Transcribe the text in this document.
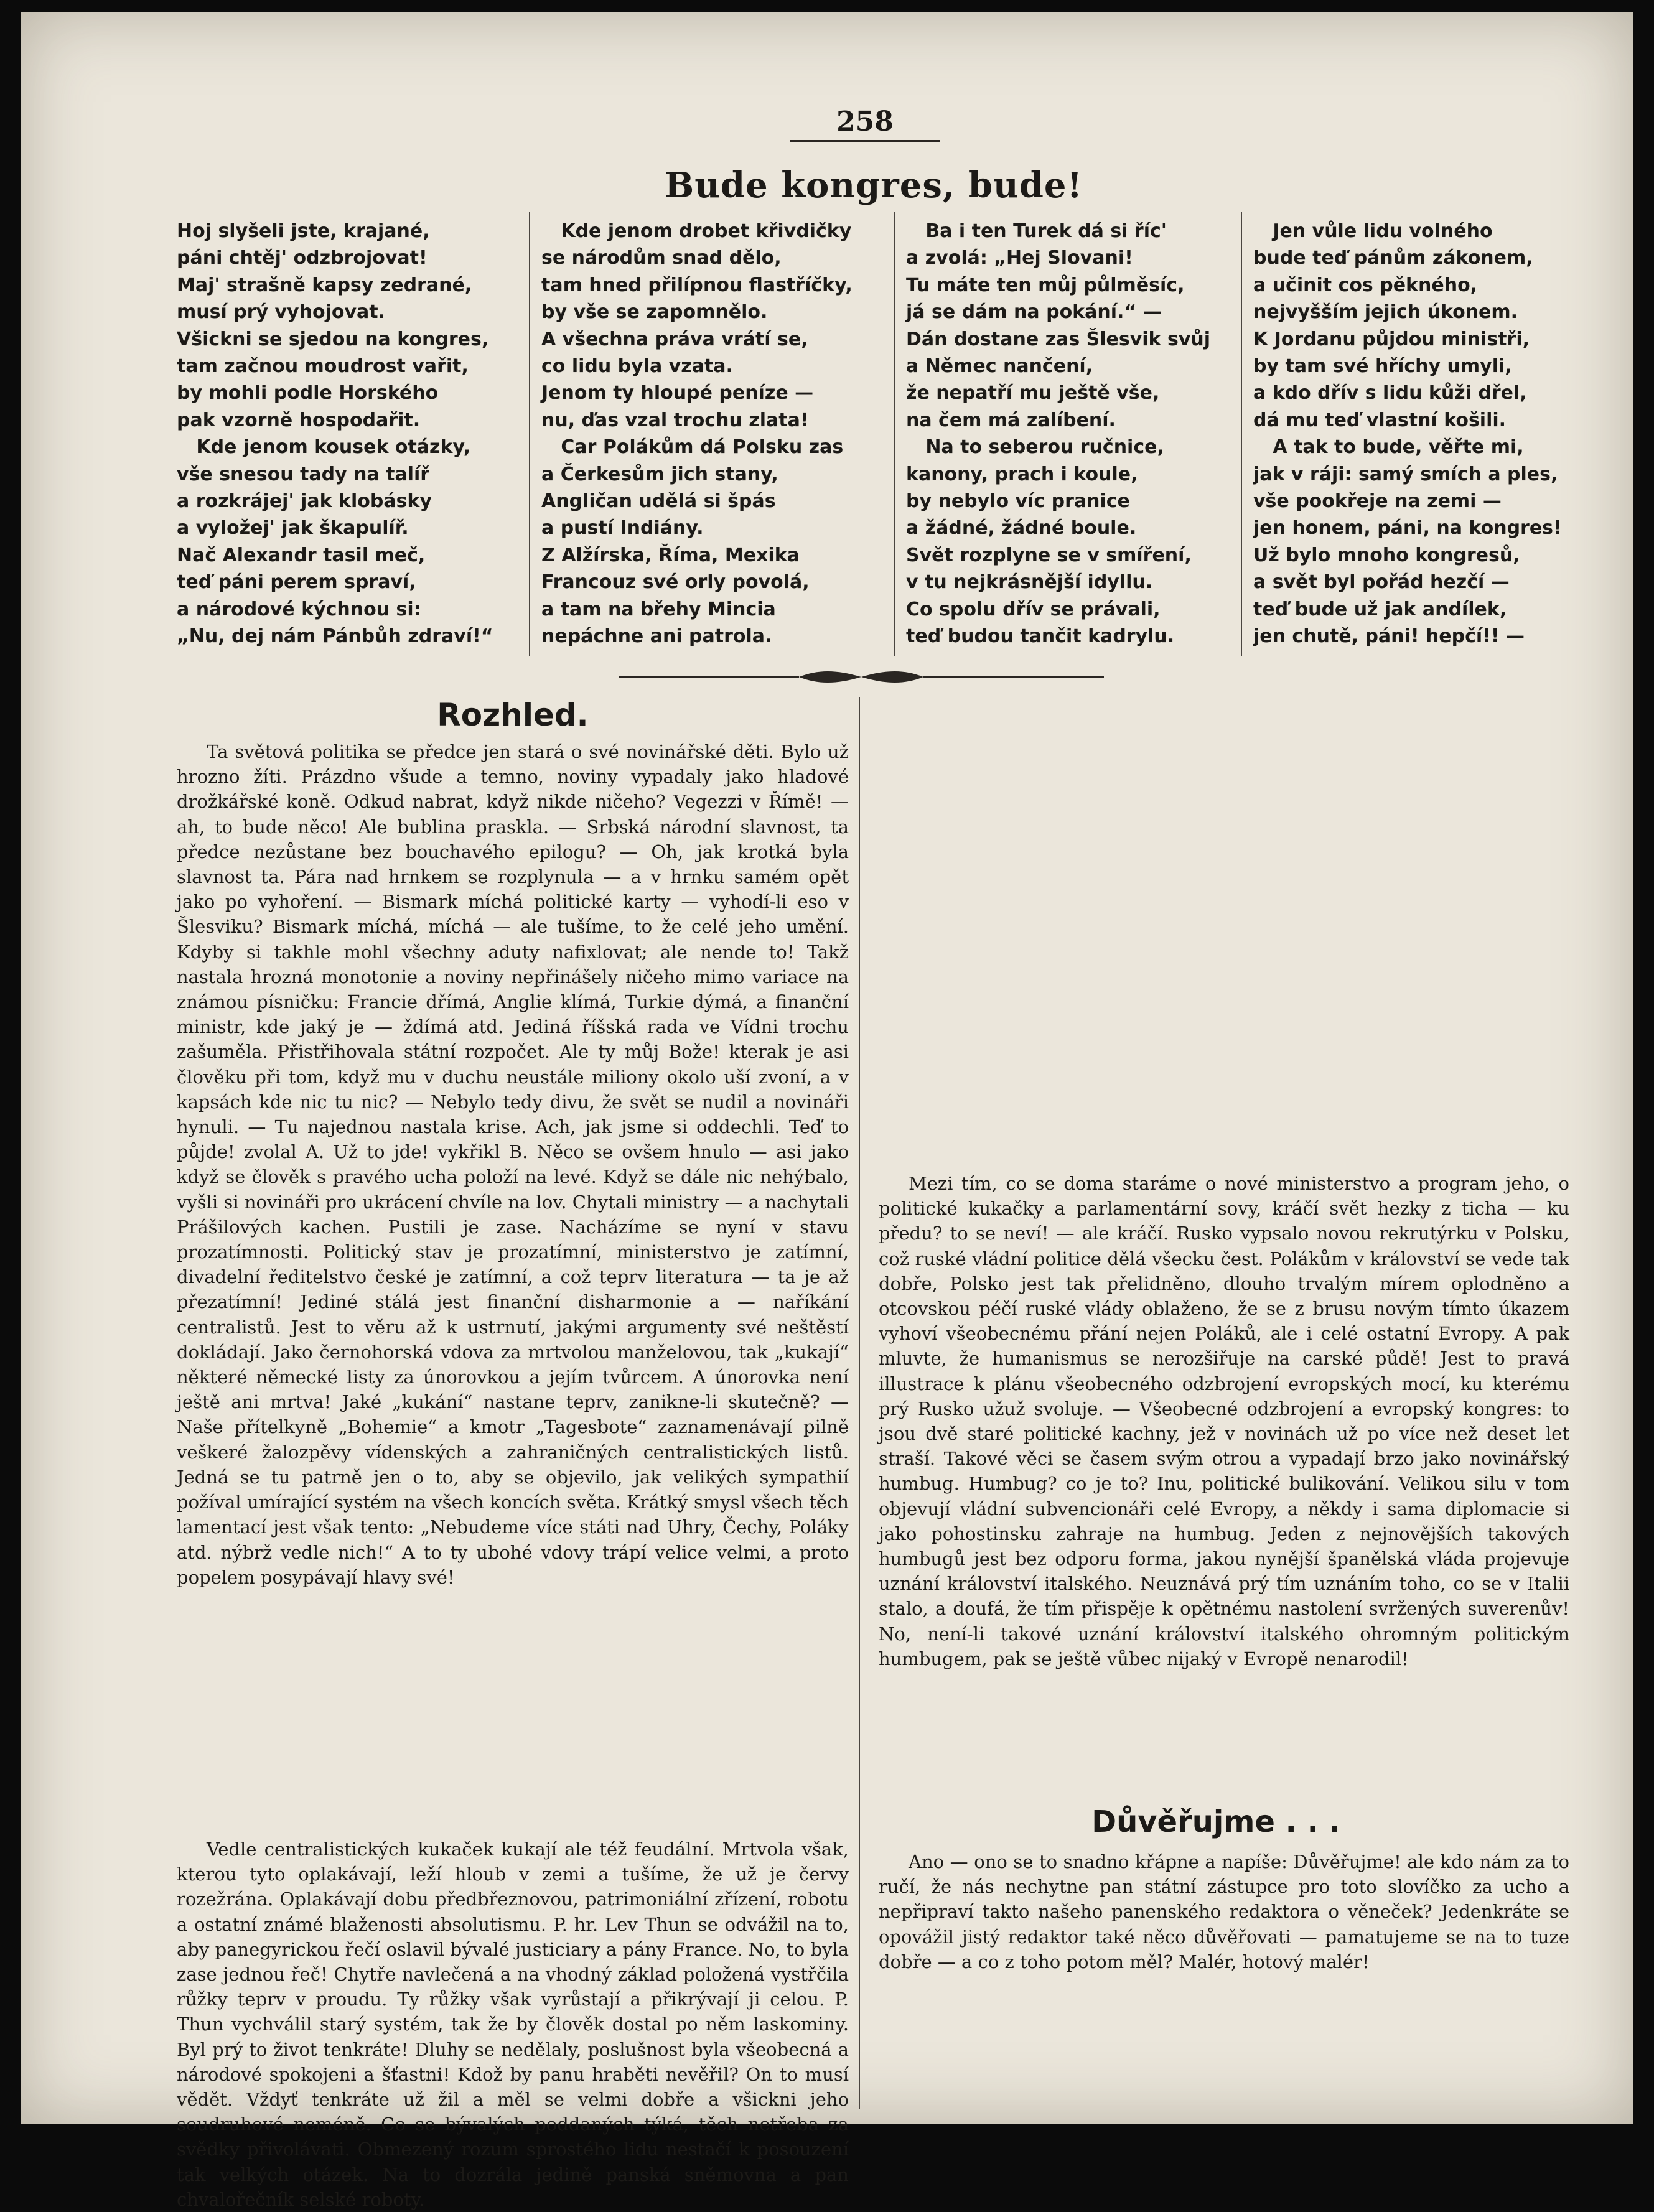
258
Bude kongres, bude!
Hoj slyšeli jste, krajané,
páni chtěj' odzbrojovat!
Maj' strašně kapsy zedrané,
musí prý vyhojovat.
Všickni se sjedou na kongres,
tam začnou moudrost vařit,
by mohli podle Horského
pak vzorně hospodařit.
Kde jenom kousek otázky,
vše snesou tady na talíř
a rozkrájej' jak klobásky
a vyložej' jak škapulíř.
Nač Alexandr tasil meč,
teď páni perem spraví,
a národové kýchnou si:
„Nu, dej nám Pánbůh zdraví!“
Kde jenom drobet křivdičky
se národům snad dělo,
tam hned přilípnou flastříčky,
by vše se zapomnělo.
A všechna práva vrátí se,
co lidu byla vzata.
Jenom ty hloupé peníze —
nu, ďas vzal trochu zlata!
Car Polákům dá Polsku zas
a Čerkesům jich stany,
Angličan udělá si špás
a pustí Indiány.
Z Alžírska, Říma, Mexika
Francouz své orly povolá,
a tam na břehy Mincia
nepáchne ani patrola.
Ba i ten Turek dá si říc'
a zvolá: „Hej Slovani!
Tu máte ten můj půlměsíc,
já se dám na pokání.“ —
Dán dostane zas Šlesvik svůj
a Němec nančení,
že nepatří mu ještě vše,
na čem má zalíbení.
Na to seberou ručnice,
kanony, prach i koule,
by nebylo víc pranice
a žádné, žádné boule.
Svět rozplyne se v smíření,
v tu nejkrásnější idyllu.
Co spolu dřív se právali,
teď budou tančit kadrylu.
Jen vůle lidu volného
bude teď pánům zákonem,
a učinit cos pěkného,
nejvyšším jejich úkonem.
K Jordanu půjdou ministři,
by tam své hříchy umyli,
a kdo dřív s lidu kůži dřel,
dá mu teď vlastní košili.
A tak to bude, věřte mi,
jak v ráji: samý smích a ples,
vše pookřeje na zemi —
jen honem, páni, na kongres!
Už bylo mnoho kongresů,
a svět byl pořád hezčí —
teď bude už jak andílek,
jen chutě, páni! hepčí!! —
Rozhled.

Ta světová politika se předce jen stará o své novinářské děti. Bylo už hrozno žíti. Prázdno všude a temno, noviny vypadaly jako hladové drožkářské koně. Odkud nabrat, když nikde ničeho? Vegezzi v Římě! — ah, to bude něco! Ale bublina praskla. — Srbská národní slavnost, ta předce nezůstane bez bouchavého epilogu? — Oh, jak krotká byla slavnost ta. Pára nad hrnkem se rozplynula — a v hrnku samém opět jako po vyhoření. — Bismark míchá politické karty — vyhodí-li eso v Šlesviku? Bismark míchá, míchá — ale tušíme, to že celé jeho umění. Kdyby si takhle mohl všechny aduty nafixlovat; ale nende to! Takž nastala hrozná monotonie a noviny nepřinášely ničeho mimo variace na známou písničku: Francie dřímá, Anglie klímá, Turkie dýmá, a finanční ministr, kde jaký je — ždímá atd. Jediná říšská rada ve Vídni trochu zašuměla. Přistřihovala státní rozpočet. Ale ty můj Bože! kterak je asi člověku při tom, když mu v duchu neustále miliony okolo uší zvoní, a v kapsách kde nic tu nic? — Nebylo tedy divu, že svět se nudil a novináři hynuli. — Tu najednou nastala krise. Ach, jak jsme si oddechli. Teď to půjde! zvolal A. Už to jde! vykřikl B. Něco se ovšem hnulo — asi jako když se člověk s pravého ucha položí na levé. Když se dále nic nehýbalo, vyšli si novináři pro ukrácení chvíle na lov. Chytali ministry — a nachytali Prášilových kachen. Pustili je zase. Nacházíme se nyní v stavu prozatímnosti. Politický stav je prozatímní, ministerstvo je zatímní, divadelní ředitelstvo české je zatímní, a což teprv literatura — ta je až přezatímní! Jediné stálá jest finanční disharmonie a — naříkání centralistů. Jest to věru až k ustrnutí, jakými argumenty své neštěstí dokládají. Jako černohorská vdova za mrtvolou manželovou, tak „kukají“ některé německé listy za únorovkou a jejím tvůrcem. A únorovka není ještě ani mrtva! Jaké „kukání“ nastane teprv, zanikne-li skutečně? — Naše přítelkyně „Bohemie“ a kmotr „Tagesbote“ zaznamenávají pilně veškeré žalozpěvy vídenských a zahraničných centralistických listů. Jedná se tu patrně jen o to, aby se objevilo, jak velikých sympathií požíval umírající systém na všech koncích světa. Krátký smysl všech těch lamentací jest však tento: „Nebudeme více státi nad Uhry, Čechy, Poláky atd. nýbrž vedle nich!“ A to ty ubohé vdovy trápí velice velmi, a proto popelem posypávají hlavy své!

Vedle centralistických kukaček kukají ale též feudální. Mrtvola však, kterou tyto oplakávají, leží hloub v zemi a tušíme, že už je červy rozežrána. Oplakávají dobu předbřeznovou, patrimoniální zřízení, robotu a ostatní známé blaženosti absolutismu. P. hr. Lev Thun se odvážil na to, aby panegyrickou řečí oslavil bývalé justiciary a pány France. No, to byla zase jednou řeč! Chytře navlečená a na vhodný základ položená vystřčila růžky teprv v proudu. Ty růžky však vyrůstají a přikrývají ji celou. P. Thun vychválil starý systém, tak že by člověk dostal po něm laskominy. Byl prý to život tenkráte! Dluhy se nedělaly, poslušnost byla všeobecná a národové spokojeni a šťastni! Kdož by panu hraběti nevěřil? On to musí vědět. Vždyť tenkráte už žil a měl se velmi dobře a všickni jeho soudruhové neméně. Co se bývalých poddaných týká, těch netřeba za svědky přivolávati. Obmezený rozum sprostého lidu nestačí k posouzení tak velkých otázek. Na to dozrála jedině panská sněmovna a pan chvalořečník selské roboty.

Mezi tím, co se doma staráme o nové ministerstvo a program jeho, o politické kukačky a parlamentární sovy, kráčí svět hezky z ticha — ku předu? to se neví! — ale kráčí. Rusko vypsalo novou rekrutýrku v Polsku, což ruské vládní politice dělá všecku čest. Polákům v království se vede tak dobře, Polsko jest tak přelidněno, dlouho trvalým mírem oplodněno a otcovskou péčí ruské vlády oblaženo, že se z brusu novým tímto úkazem vyhoví všeobecnému přání nejen Poláků, ale i celé ostatní Evropy. A pak mluvte, že humanismus se nerozšiřuje na carské půdě! Jest to pravá illustrace k plánu všeobecného odzbrojení evropských mocí, ku kterému prý Rusko užuž svoluje. — Všeobecné odzbrojení a evropský kongres: to jsou dvě staré politické kachny, jež v novinách už po více než deset let straší. Takové věci se časem svým otrou a vypadají brzo jako novinářský humbug. Humbug? co je to? Inu, politické bulikování. Velikou silu v tom objevují vládní subvencionáři celé Evropy, a někdy i sama diplomacie si jako pohostinsku zahraje na humbug. Jeden z nejnovějších takových humbugů jest bez odporu forma, jakou nynější španělská vláda projevuje uznání království italského. Neuznává prý tím uznáním toho, co se v Italii stalo, a doufá, že tím přispěje k opětnému nastolení svržených suverenův! No, není-li takové uznání království italského ohromným politickým humbugem, pak se ještě vůbec nijaký v Evropě nenarodil!

Důvěřujme . . .

Ano — ono se to snadno křápne a napíše: Důvěřujme! ale kdo nám za to ručí, že nás nechytne pan státní zástupce pro toto slovíčko za ucho a nepřipraví takto našeho panenského redaktora o věneček? Jedenkráte se opovážil jistý redaktor také něco důvěřovati — pamatujeme se na to tuze dobře — a co z toho potom měl? Malér, hotový malér!
